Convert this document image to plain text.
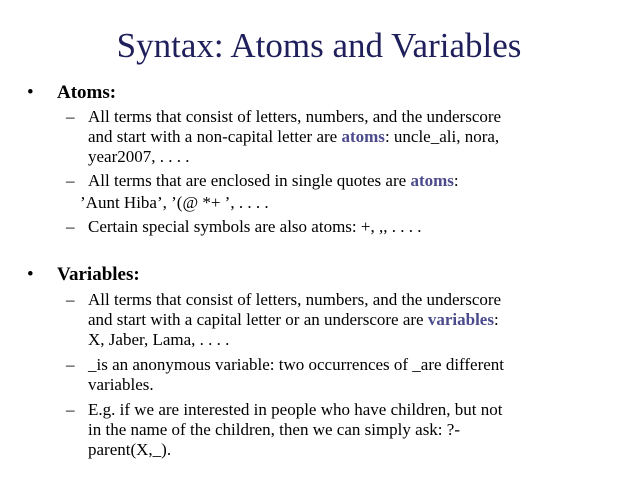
Syntax: Atoms and Variables
• Atoms:
– All terms that consist of letters, numbers, and the underscore
and start with a non-capital letter are atoms: uncle_ali, nora,
year2007, . . . .
– All terms that are enclosed in single quotes are atoms:
’Aunt Hiba’, ’(@ *+ ’, . . . .
– Certain special symbols are also atoms: +, ,, . . . .
• Variables:
– All terms that consist of letters, numbers, and the underscore
and start with a capital letter or an underscore are variables:
X, Jaber, Lama, . . . .
– _is an anonymous variable: two occurrences of _are different
variables.
– E.g. if we are interested in people who have children, but not
in the name of the children, then we can simply ask: ?-
parent(X,_).
